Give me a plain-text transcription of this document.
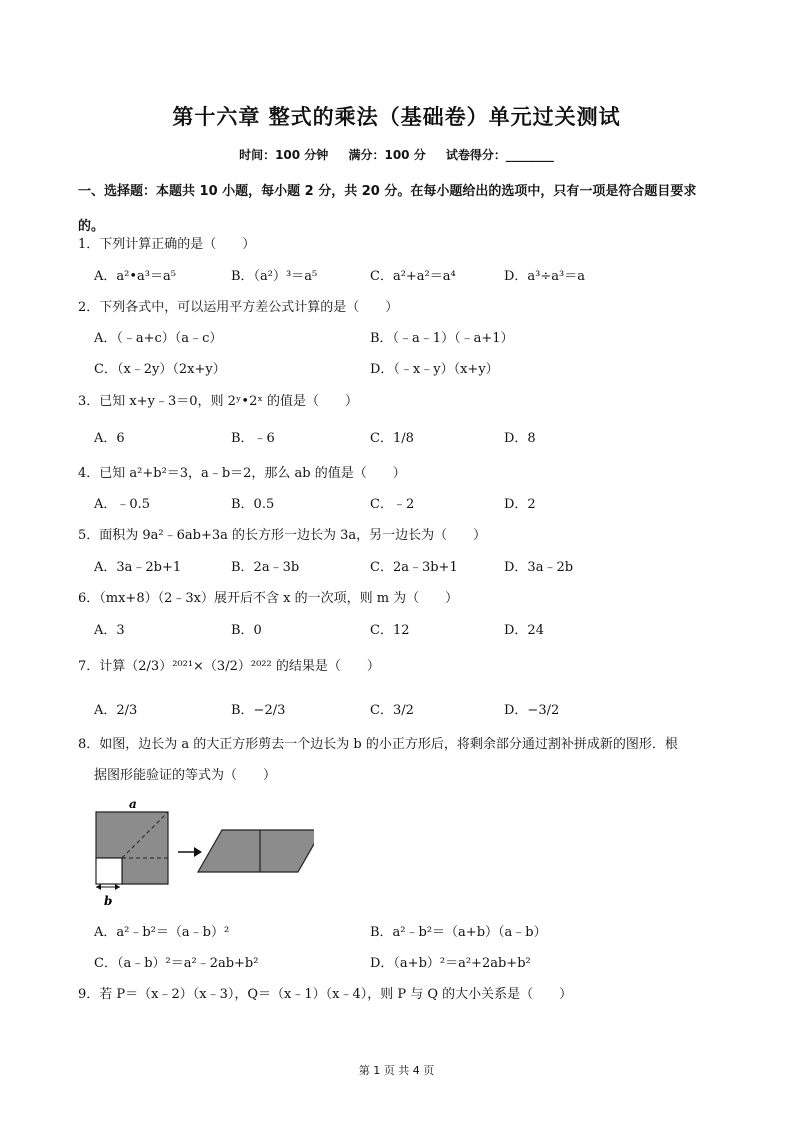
第十六章 整式的乘法（基础卷）单元过关测试
时间：100 分钟 满分：100 分 试卷得分：________
一、选择题：本题共 10 小题，每小题 2 分，共 20 分。在每小题给出的选项中，只有一项是符合题目要求
的。
1．下列计算正确的是（　　）
A．a²•a³＝a⁵	B．（a²）³＝a⁵	C．a²+a²＝a⁴	D．a³÷a³＝a
2．下列各式中，可以运用平方差公式计算的是（　　）
A．（﹣a+c）（a﹣c）	B．（﹣a﹣1）（﹣a+1）
C．（x﹣2y）（2x+y）	D．（﹣x﹣y）（x+y）
3．已知 x+y﹣3＝0，则 2ʸ•2ˣ 的值是（　　）
A．6	B．﹣6	C．1/8	D．8
4．已知 a²+b²＝3，a﹣b＝2，那么 ab 的值是（　　）
A．﹣0.5	B．0.5	C．﹣2	D．2
5．面积为 9a²﹣6ab+3a 的长方形一边长为 3a，另一边长为（　　）
A．3a﹣2b+1	B．2a﹣3b	C．2a﹣3b+1	D．3a﹣2b
6．（mx+8）（2﹣3x）展开后不含 x 的一次项，则 m 为（　　）
A．3	B．0	C．12	D．24
7．计算（2/3）²⁰²¹×（3/2）²⁰²² 的结果是（　　）
A．2/3	B．−2/3	C．3/2	D．−3/2
8．如图，边长为 a 的大正方形剪去一个边长为 b 的小正方形后，将剩余部分通过割补拼成新的图形．根
据图形能验证的等式为（　　）
a
b
A．a²﹣b²＝（a﹣b）²	B．a²﹣b²＝（a+b）（a﹣b）
C．（a﹣b）²＝a²﹣2ab+b²	D．（a+b）²＝a²+2ab+b²
9．若 P＝（x﹣2）（x﹣3），Q＝（x﹣1）（x﹣4），则 P 与 Q 的大小关系是（　　）
第 1 页 共 4 页
